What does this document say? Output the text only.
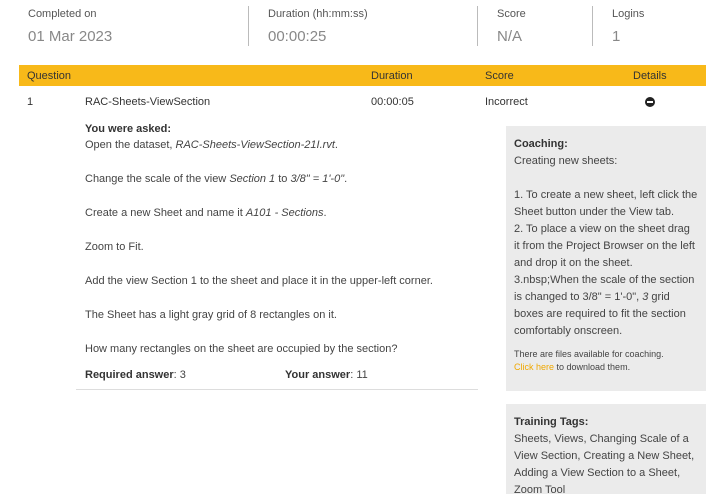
Completed on
01 Mar 2023
Duration (hh:mm:ss)
00:00:25
Score
N/A
Logins
1
Question	Duration	Score	Details
1	RAC-Sheets-ViewSection	00:00:05	Incorrect

You were asked:

Open the dataset, RAC-Sheets-ViewSection-21I.rvt.

Change the scale of the view Section 1 to 3/8" = 1'-0".

Create a new Sheet and name it A101 - Sections.

Zoom to Fit.

Add the view Section 1 to the sheet and place it in the upper-left corner.

The Sheet has a light gray grid of 8 rectangles on it.

How many rectangles on the sheet are occupied by the section?

Required answer: 3	Your answer: 11
Coaching:
Creating new sheets:
1. To create a new sheet, left click the Sheet button under the View tab.
2. To place a view on the sheet drag it from the Project Browser on the left and drop it on the sheet.
3.nbsp;When the scale of the section is changed to 3/8" = 1'-0", 3 grid boxes are required to fit the section comfortably onscreen.
There are files available for coaching.
Click here to download them.
Training Tags:
Sheets, Views, Changing Scale of a View Section, Creating a New Sheet, Adding a View Section to a Sheet, Zoom Tool
